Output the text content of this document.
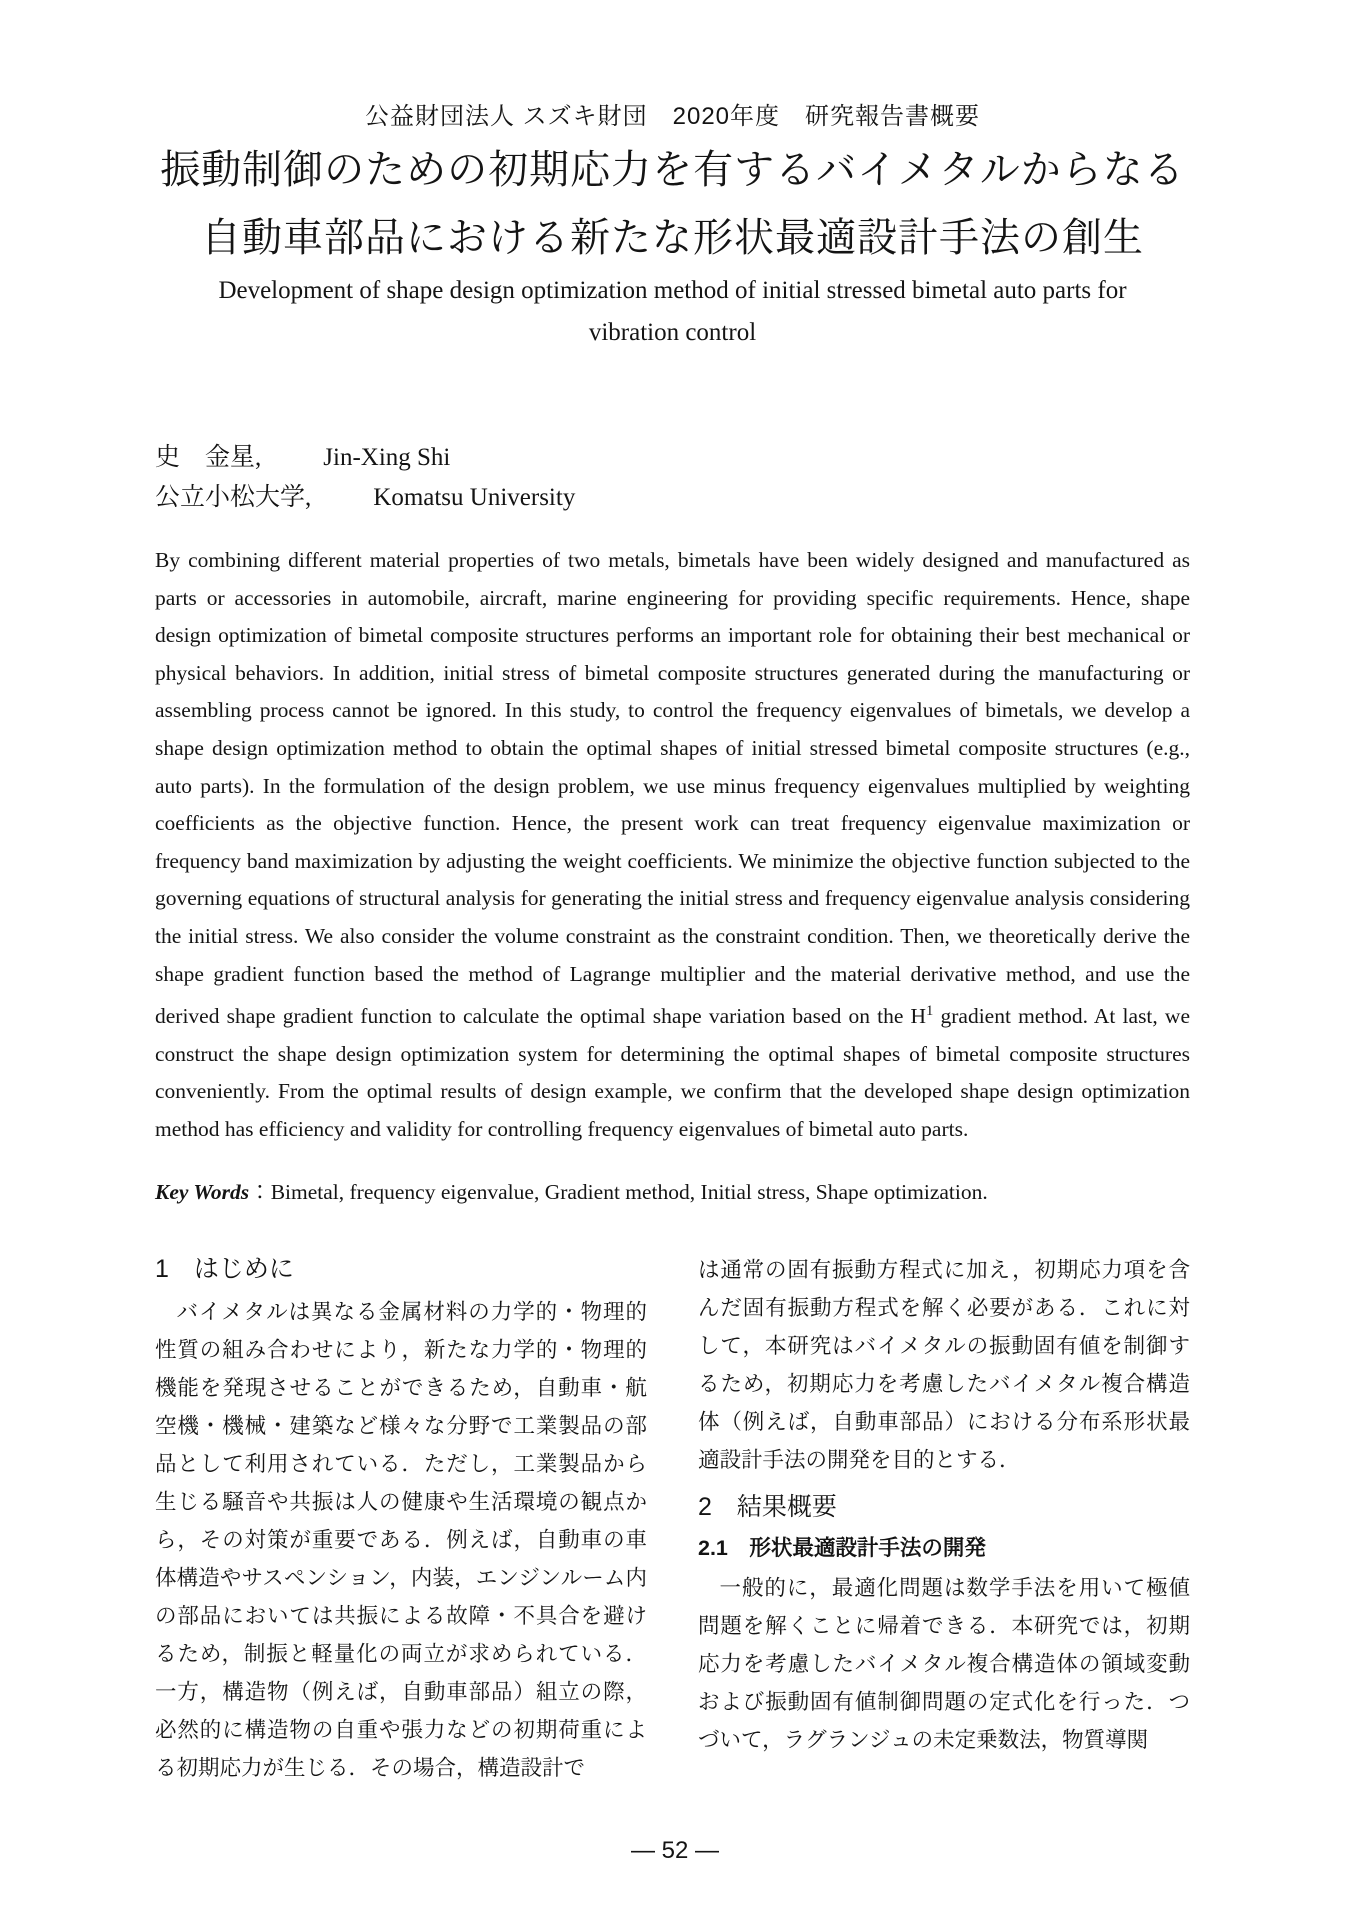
公益財団法人 スズキ財団　2020年度　研究報告書概要
振動制御のための初期応力を有するバイメタルからなる
自動車部品における新たな形状最適設計手法の創生
Development of shape design optimization method of initial stressed bimetal auto parts for
vibration control
史　金星, Jin-Xing Shi
公立小松大学, Komatsu University

By combining different material properties of two metals, bimetals have been widely designed and manufactured as parts or accessories in automobile, aircraft, marine engineering for providing specific requirements. Hence, shape design optimization of bimetal composite structures performs an important role for obtaining their best mechanical or physical behaviors. In addition, initial stress of bimetal composite structures generated during the manufacturing or assembling process cannot be ignored. In this study, to control the frequency eigenvalues of bimetals, we develop a shape design optimization method to obtain the optimal shapes of initial stressed bimetal composite structures (e.g., auto parts). In the formulation of the design problem, we use minus frequency eigenvalues multiplied by weighting coefficients as the objective function. Hence, the present work can treat frequency eigenvalue maximization or frequency band maximization by adjusting the weight coefficients. We minimize the objective function subjected to the governing equations of structural analysis for generating the initial stress and frequency eigenvalue analysis considering the initial stress. We also consider the volume constraint as the constraint condition. Then, we theoretically derive the shape gradient function based the method of Lagrange multiplier and the material derivative method, and use the derived shape gradient function to calculate the optimal shape variation based on the $H^1$ gradient method. At last, we construct the shape design optimization system for determining the optimal shapes of bimetal composite structures conveniently. From the optimal results of design example, we confirm that the developed shape design optimization method has efficiency and validity for controlling frequency eigenvalues of bimetal auto parts.

Key Words：Bimetal, frequency eigenvalue, Gradient method, Initial stress, Shape optimization.

1　はじめに

バイメタルは異なる金属材料の力学的・物理的性質の組み合わせにより，新たな力学的・物理的機能を発現させることができるため，自動車・航空機・機械・建築など様々な分野で工業製品の部品として利用されている．ただし，工業製品から生じる騒音や共振は人の健康や生活環境の観点から，その対策が重要である．例えば，自動車の車体構造やサスペンション，内装，エンジンルーム内の部品においては共振による故障・不具合を避けるため，制振と軽量化の両立が求められている．一方，構造物（例えば，自動車部品）組立の際，必然的に構造物の自重や張力などの初期荷重による初期応力が生じる．その場合，構造設計で

は通常の固有振動方程式に加え，初期応力項を含んだ固有振動方程式を解く必要がある．これに対して，本研究はバイメタルの振動固有値を制御するため，初期応力を考慮したバイメタル複合構造体（例えば，自動車部品）における分布系形状最適設計手法の開発を目的とする．

2　結果概要
2.1　形状最適設計手法の開発

一般的に，最適化問題は数学手法を用いて極値問題を解くことに帰着できる．本研究では，初期応力を考慮したバイメタル複合構造体の領域変動および振動固有値制御問題の定式化を行った．つづいて，ラグランジュの未定乗数法，物質導関

— 52 —
